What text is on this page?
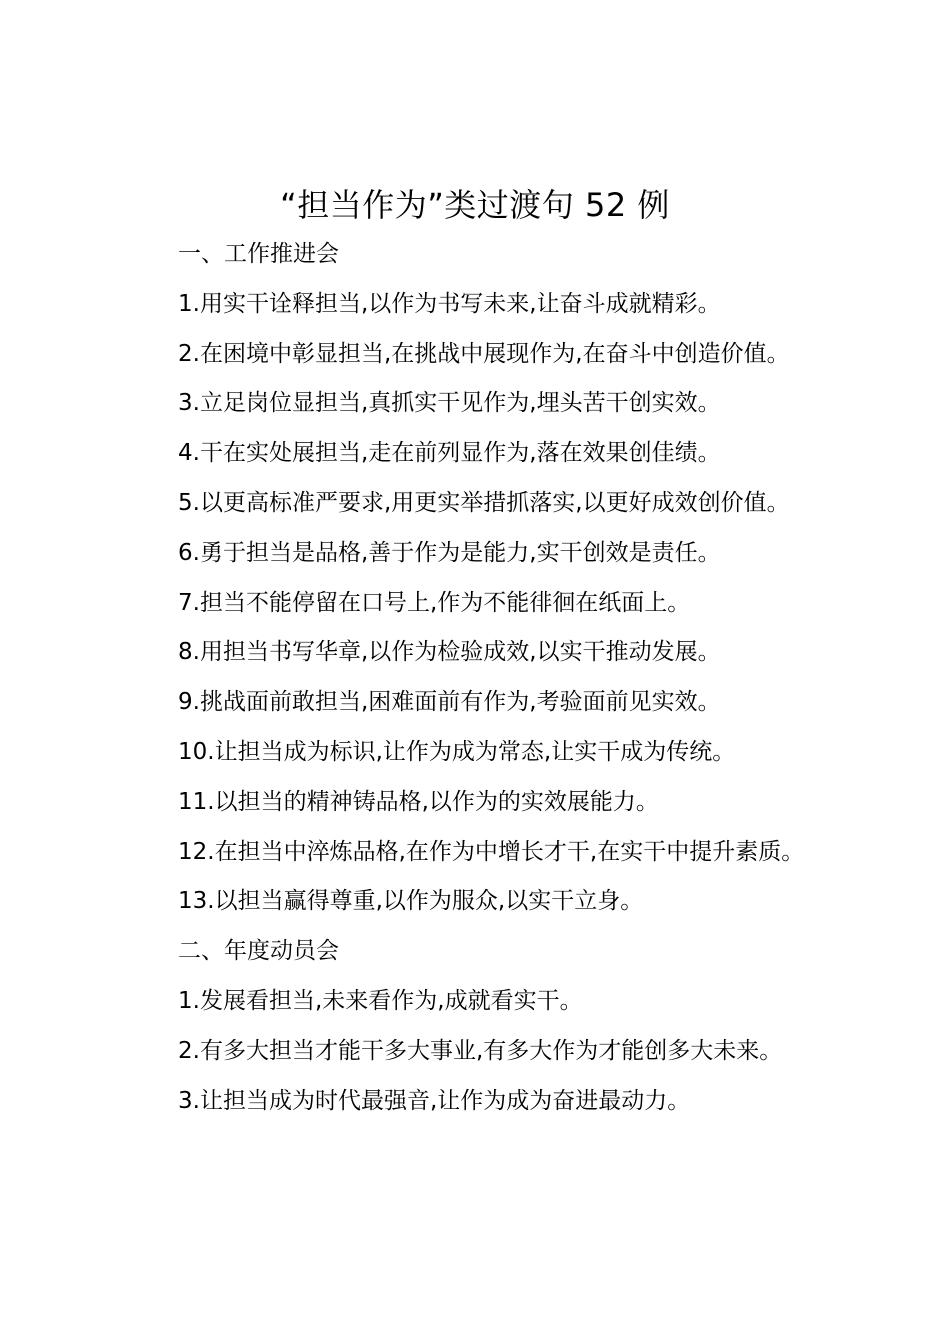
“担当作为”类过渡句 52 例

一、工作推进会

1.用实干诠释担当,以作为书写未来,让奋斗成就精彩。

2.在困境中彰显担当,在挑战中展现作为,在奋斗中创造价值。

3.立足岗位显担当,真抓实干见作为,埋头苦干创实效。

4.干在实处展担当,走在前列显作为,落在效果创佳绩。

5.以更高标准严要求,用更实举措抓落实,以更好成效创价值。

6.勇于担当是品格,善于作为是能力,实干创效是责任。

7.担当不能停留在口号上,作为不能徘徊在纸面上。

8.用担当书写华章,以作为检验成效,以实干推动发展。

9.挑战面前敢担当,困难面前有作为,考验面前见实效。

10.让担当成为标识,让作为成为常态,让实干成为传统。

11.以担当的精神铸品格,以作为的实效展能力。

12.在担当中淬炼品格,在作为中增长才干,在实干中提升素质。

13.以担当赢得尊重,以作为服众,以实干立身。

二、年度动员会

1.发展看担当,未来看作为,成就看实干。

2.有多大担当才能干多大事业,有多大作为才能创多大未来。

3.让担当成为时代最强音,让作为成为奋进最动力。
